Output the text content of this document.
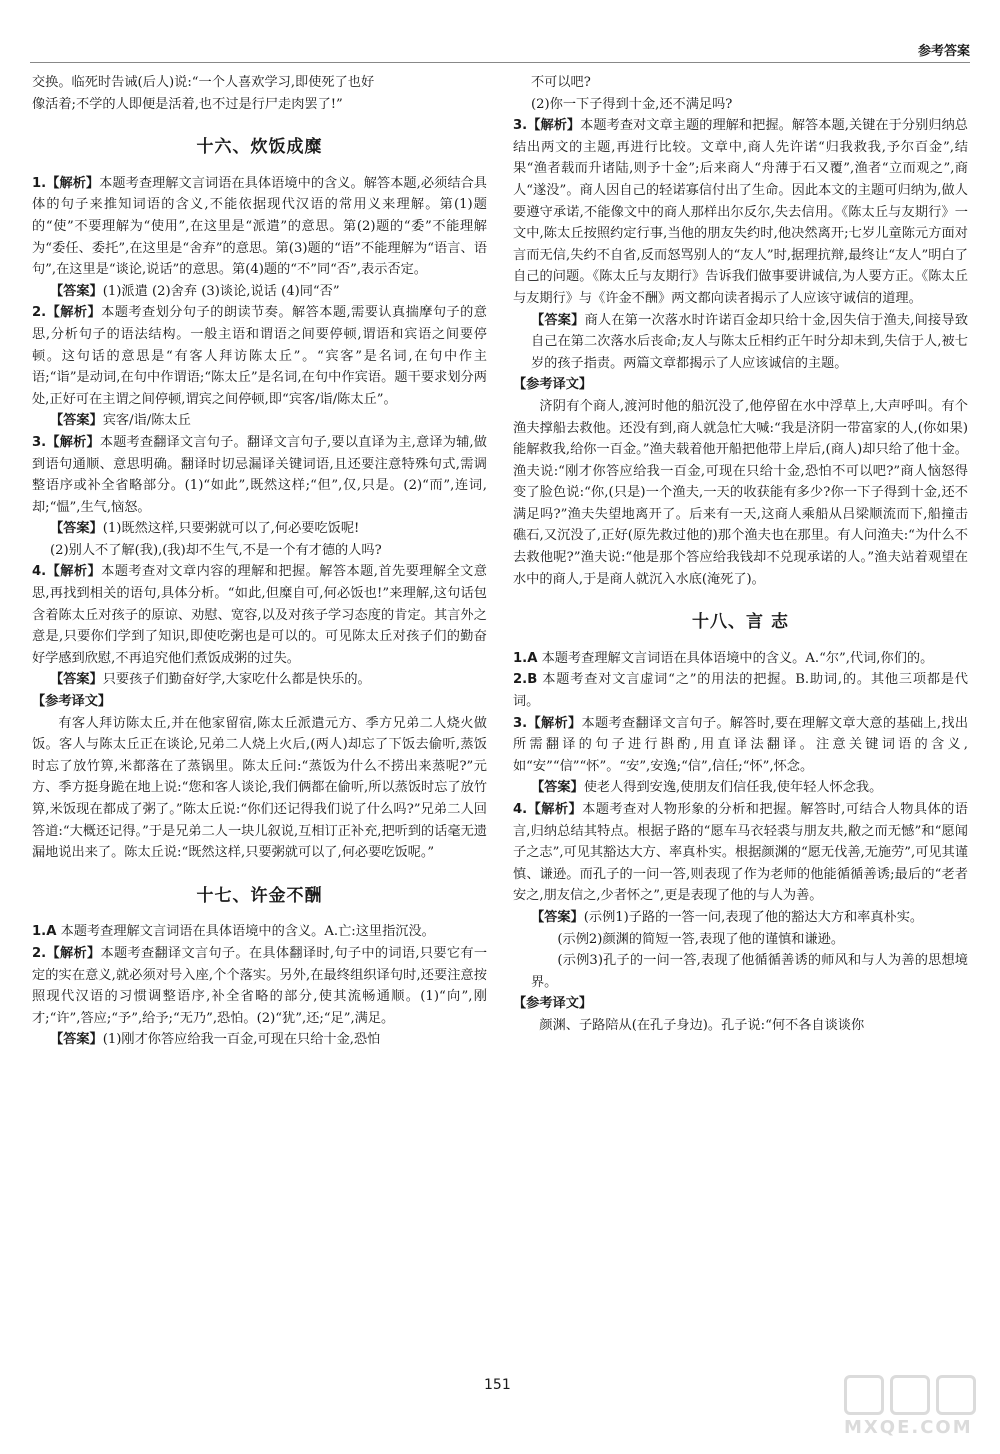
参考答案

交换。临死时告诫(后人)说:“一个人喜欢学习,即使死了也好

像活着;不学的人即便是活着,也不过是行尸走肉罢了!”

十六、炊饭成糜

1.【解析】本题考查理解文言词语在具体语境中的含义。解答本题,必须结合具体的句子来推知词语的含义,不能依据现代汉语的常用义来理解。第(1)题的“使”不要理解为“使用”,在这里是“派遣”的意思。第(2)题的“委”不能理解为“委任、委托”,在这里是“舍弃”的意思。第(3)题的“语”不能理解为“语言、语句”,在这里是“谈论,说话”的意思。第(4)题的“不”同“否”,表示否定。

【答案】(1)派遣 (2)舍弃 (3)谈论,说话 (4)同“否”

2.【解析】本题考查划分句子的朗读节奏。解答本题,需要认真揣摩句子的意思,分析句子的语法结构。一般主语和谓语之间要停顿,谓语和宾语之间要停顿。这句话的意思是“有客人拜访陈太丘”。“宾客”是名词,在句中作主语;“诣”是动词,在句中作谓语;“陈太丘”是名词,在句中作宾语。题干要求划分两处,正好可在主谓之间停顿,谓宾之间停顿,即“宾客/诣/陈太丘”。

【答案】宾客/诣/陈太丘

3.【解析】本题考查翻译文言句子。翻译文言句子,要以直译为主,意译为辅,做到语句通顺、意思明确。翻译时切忌漏译关键词语,且还要注意特殊句式,需调整语序或补全省略部分。(1)“如此”,既然这样;“但”,仅,只是。(2)“而”,连词,却;“愠”,生气,恼怒。

【答案】(1)既然这样,只要粥就可以了,何必要吃饭呢!

(2)别人不了解(我),(我)却不生气,不是一个有才德的人吗?

4.【解析】本题考查对文章内容的理解和把握。解答本题,首先要理解全文意思,再找到相关的语句,具体分析。“如此,但糜自可,何必饭也!”来理解,这句话包含着陈太丘对孩子的原谅、劝慰、宽容,以及对孩子学习态度的肯定。其言外之意是,只要你们学到了知识,即使吃粥也是可以的。可见陈太丘对孩子们的勤奋好学感到欣慰,不再追究他们煮饭成粥的过失。

【答案】只要孩子们勤奋好学,大家吃什么都是快乐的。

【参考译文】

有客人拜访陈太丘,并在他家留宿,陈太丘派遣元方、季方兄弟二人烧火做饭。客人与陈太丘正在谈论,兄弟二人烧上火后,(两人)却忘了下饭去偷听,蒸饭时忘了放竹箅,米都落在了蒸锅里。陈太丘问:“蒸饭为什么不捞出来蒸呢?”元方、季方挺身跪在地上说:“您和客人谈论,我们俩都在偷听,所以蒸饭时忘了放竹箅,米饭现在都成了粥了。”陈太丘说:“你们还记得我们说了什么吗?”兄弟二人回答道:“大概还记得。”于是兄弟二人一块儿叙说,互相订正补充,把听到的话毫无遗漏地说出来了。陈太丘说:“既然这样,只要粥就可以了,何必要吃饭呢。”

十七、许金不酬

1.A 本题考查理解文言词语在具体语境中的含义。A.亡:这里指沉没。

2.【解析】本题考查翻译文言句子。在具体翻译时,句子中的词语,只要它有一定的实在意义,就必须对号入座,个个落实。另外,在最终组织译句时,还要注意按照现代汉语的习惯调整语序,补全省略的部分,使其流畅通顺。(1)“向”,刚才;“许”,答应;“予”,给予;“无乃”,恐怕。(2)“犹”,还;“足”,满足。

【答案】(1)刚才你答应给我一百金,可现在只给十金,恐怕

不可以吧?

(2)你一下子得到十金,还不满足吗?

3.【解析】本题考查对文章主题的理解和把握。解答本题,关键在于分别归纳总结出两文的主题,再进行比较。文章中,商人先许诺“归我救我,予尔百金”,结果“渔者载而升诸陆,则予十金”;后来商人“舟薄于石又覆”,渔者“立而观之”,商人“遂没”。商人因自己的轻诺寡信付出了生命。因此本文的主题可归纳为,做人要遵守承诺,不能像文中的商人那样出尔反尔,失去信用。《陈太丘与友期行》一文中,陈太丘按照约定行事,当他的朋友失约时,他决然离开;七岁儿童陈元方面对言而无信,失约不自省,反而怒骂别人的“友人”时,据理抗辩,最终让“友人”明白了自己的问题。《陈太丘与友期行》告诉我们做事要讲诚信,为人要方正。《陈太丘与友期行》与《许金不酬》两文都向读者揭示了人应该守诚信的道理。

【答案】商人在第一次落水时许诺百金却只给十金,因失信于渔夫,间接导致自己在第二次落水后丧命;友人与陈太丘相约正午时分却未到,失信于人,被七岁的孩子指责。两篇文章都揭示了人应该诚信的主题。

【参考译文】

济阴有个商人,渡河时他的船沉没了,他停留在水中浮草上,大声呼叫。有个渔夫撑船去救他。还没有到,商人就急忙大喊:“我是济阴一带富家的人,(你如果)能解救我,给你一百金。”渔夫载着他开船把他带上岸后,(商人)却只给了他十金。渔夫说:“刚才你答应给我一百金,可现在只给十金,恐怕不可以吧?”商人恼怒得变了脸色说:“你,(只是)一个渔夫,一天的收获能有多少?你一下子得到十金,还不满足吗?”渔夫失望地离开了。后来有一天,这商人乘船从吕梁顺流而下,船撞击礁石,又沉没了,正好(原先救过他的)那个渔夫也在那里。有人问渔夫:“为什么不去救他呢?”渔夫说:“他是那个答应给我钱却不兑现承诺的人。”渔夫站着观望在水中的商人,于是商人就沉入水底(淹死了)。

十八、言 志

1.A 本题考查理解文言词语在具体语境中的含义。A.“尔”,代词,你们的。

2.B 本题考查对文言虚词“之”的用法的把握。B.助词,的。其他三项都是代词。

3.【解析】本题考查翻译文言句子。解答时,要在理解文章大意的基础上,找出所需翻译的句子进行斟酌,用直译法翻译。注意关键词语的含义,如“安”“信”“怀”。“安”,安逸;“信”,信任;“怀”,怀念。

【答案】使老人得到安逸,使朋友们信任我,使年轻人怀念我。

4.【解析】本题考查对人物形象的分析和把握。解答时,可结合人物具体的语言,归纳总结其特点。根据子路的“愿车马衣轻裘与朋友共,敝之而无憾”和“愿闻子之志”,可见其豁达大方、率真朴实。根据颜渊的“愿无伐善,无施劳”,可见其谨慎、谦逊。而孔子的一问一答,则表现了作为老师的他能循循善诱;最后的“老者安之,朋友信之,少者怀之”,更是表现了他的与人为善。

【答案】(示例1)子路的一答一问,表现了他的豁达大方和率真朴实。

(示例2)颜渊的简短一答,表现了他的谨慎和谦逊。

(示例3)孔子的一问一答,表现了他循循善诱的师风和与人为善的思想境界。

【参考译文】

颜渊、子路陪从(在孔子身边)。孔子说:“何不各自谈谈你

151
MXQE.COM
